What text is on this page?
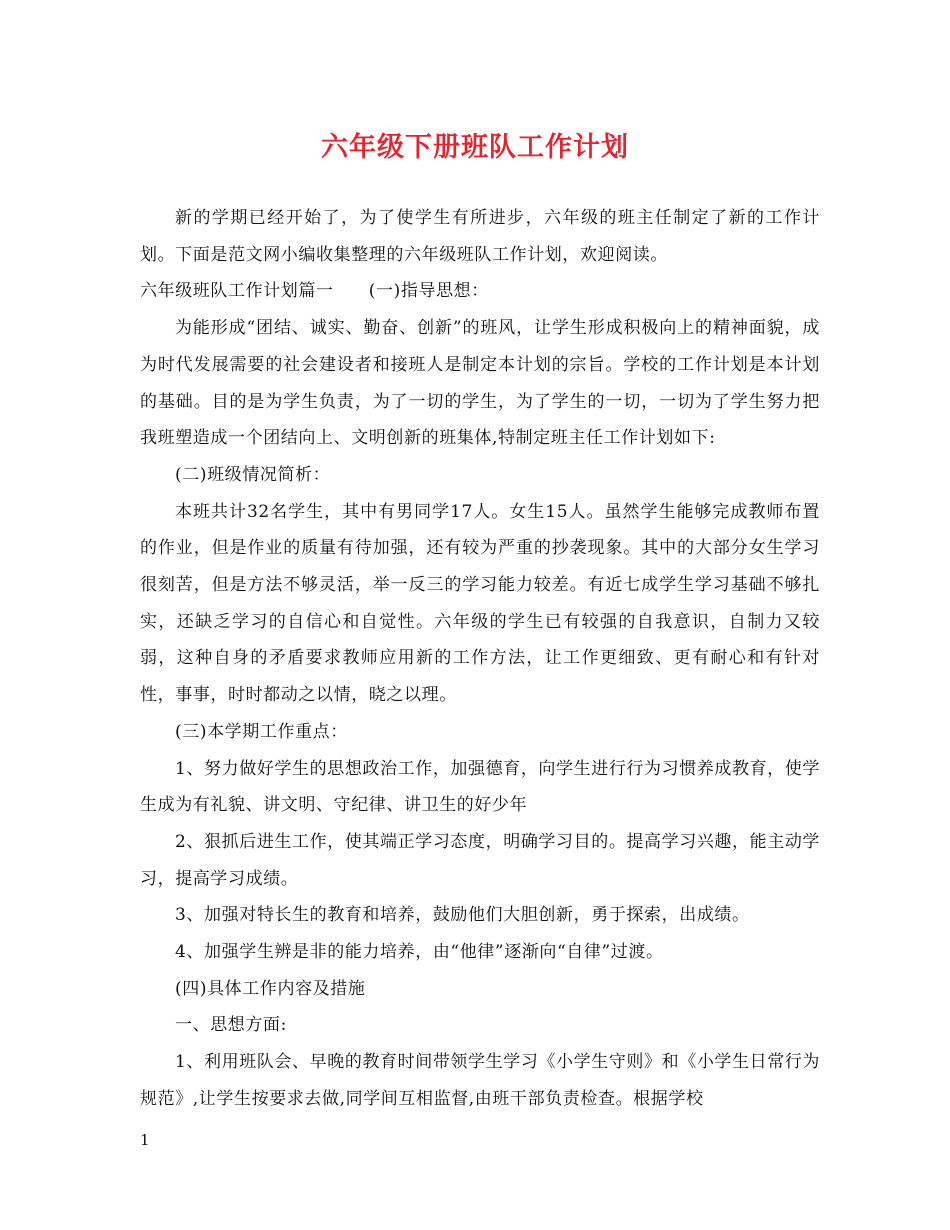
六年级下册班队工作计划

新的学期已经开始了，为了使学生有所进步，六年级的班主任制定了新的工作计划。下面是范文网小编收集整理的六年级班队工作计划，欢迎阅读。

六年级班队工作计划篇一　　(一)指导思想：

为能形成“团结、诚实、勤奋、创新”的班风，让学生形成积极向上的精神面貌，成为时代发展需要的社会建设者和接班人是制定本计划的宗旨。学校的工作计划是本计划的基础。目的是为学生负责，为了一切的学生，为了学生的一切，一切为了学生努力把我班塑造成一个团结向上、文明创新的班集体,特制定班主任工作计划如下:

(二)班级情况简析：

本班共计32名学生，其中有男同学17人。女生15人。虽然学生能够完成教师布置的作业，但是作业的质量有待加强，还有较为严重的抄袭现象。其中的大部分女生学习很刻苦，但是方法不够灵活，举一反三的学习能力较差。有近七成学生学习基础不够扎实，还缺乏学习的自信心和自觉性。六年级的学生已有较强的自我意识，自制力又较弱，这种自身的矛盾要求教师应用新的工作方法，让工作更细致、更有耐心和有针对性，事事，时时都动之以情，晓之以理。

(三)本学期工作重点：

1、努力做好学生的思想政治工作，加强德育，向学生进行行为习惯养成教育，使学生成为有礼貌、讲文明、守纪律、讲卫生的好少年

2、狠抓后进生工作，使其端正学习态度，明确学习目的。提高学习兴趣，能主动学习，提高学习成绩。

3、加强对特长生的教育和培养，鼓励他们大胆创新，勇于探索，出成绩。

4、加强学生辨是非的能力培养，由“他律”逐渐向“自律”过渡。

(四)具体工作内容及措施

一、思想方面:

1、利用班队会、早晚的教育时间带领学生学习《小学生守则》和《小学生日常行为规范》,让学生按要求去做,同学间互相监督,由班干部负责检查。根据学校

1
